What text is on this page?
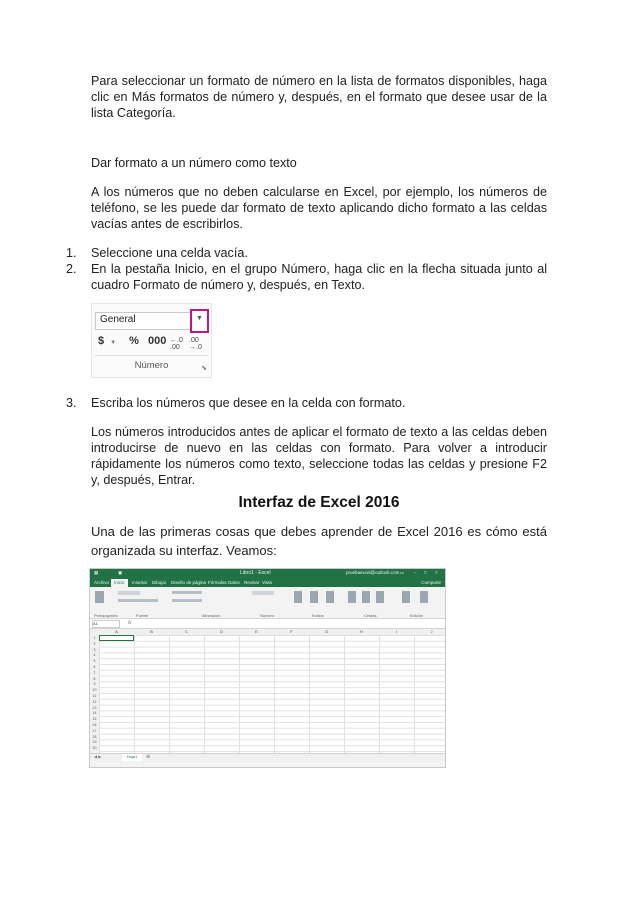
Para seleccionar un formato de número en la lista de formatos disponibles, haga clic en Más formatos de número y, después, en el formato que desee usar de la lista Categoría.
Dar formato a un número como texto
A los números que no deben calcularse en Excel, por ejemplo, los números de teléfono, se les puede dar formato de texto aplicando dicho formato a las celdas vacías antes de escribirlos.
1. Seleccione una celda vacía.
2. En la pestaña Inicio, en el grupo Número, haga clic en la flecha situada junto al cuadro Formato de número y, después, en Texto.
General	▼
$ ▼ % 000 ←.0
.00
.00
→.0
Número	⬊
3. Escriba los números que desee en la celda con formato.
Los números introducidos antes de aplicar el formato de texto a las celdas deben introducirse de nuevo en las celdas con formato. Para volver a introducir rápidamente los números como texto, seleccione todas las celdas y presione F2 y, después, Entrar.
Interfaz de Excel 2016
Una de las primeras cosas que debes aprender de Excel 2016 es cómo está organizada su interfaz. Veamos:
▦	▣	Libro1 - Excel	pruebaexcel@outlook.com ▭ – □ ×
Archivo	Inicio	Insertar Dibujar Diseño de página Fórmulas Datos Revisar Vista	Compartir
Portapapeles	Fuente	Alineación	Número	Estilos	Celdas	Edición
A1	fx
A	B	C	D	E	F	G	H	I	J
1
2
3
4
5
6
7
8
9
10
11
12
13
14
15
16
17
18
19
20
◀ ▶	Hoja1	⊕
